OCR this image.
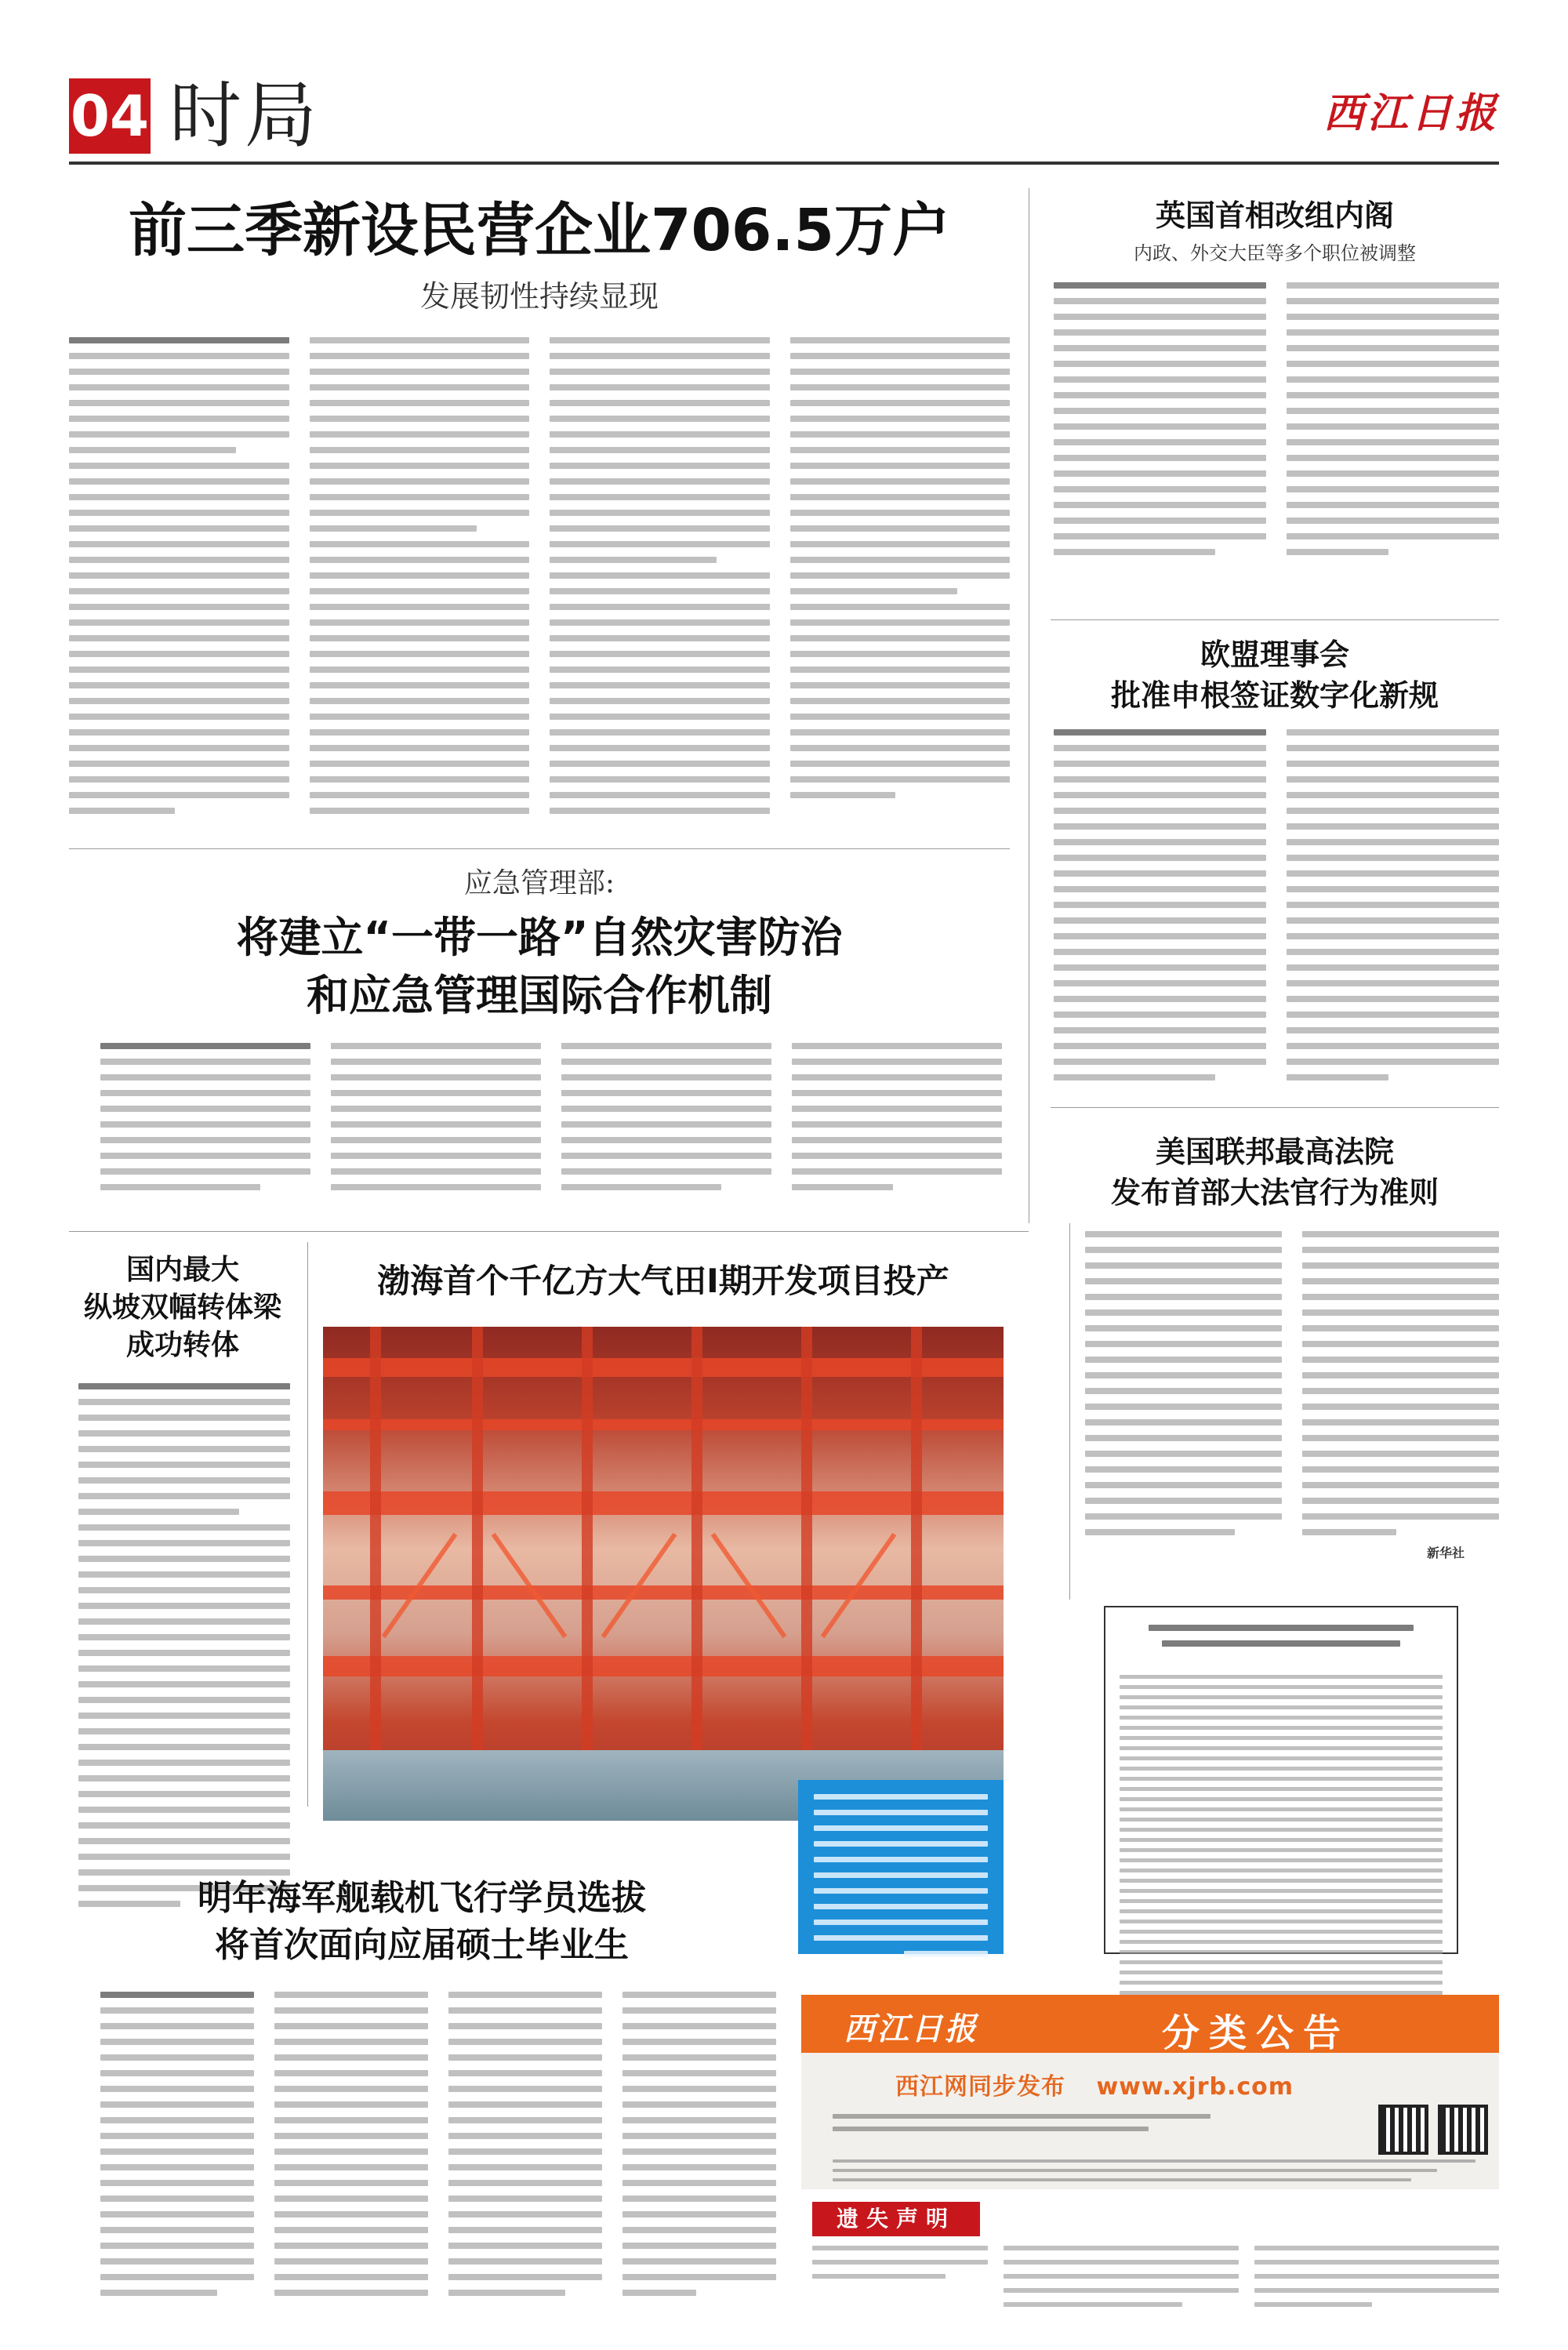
04 时局	西江日报
前三季新设民营企业706.5万户
发展韧性持续显现
应急管理部:
将建立“一带一路”自然灾害防治
和应急管理国际合作机制
英国首相改组内阁
内政、外交大臣等多个职位被调整
欧盟理事会
批准申根签证数字化新规
美国联邦最高法院
发布首部大法官行为准则
新华社
国内最大
纵坡双幅转体梁
成功转体
渤海首个千亿方大气田Ⅰ期开发项目投产
明年海军舰载机飞行学员选拔
将首次面向应届硕士毕业生
西江日报	分类公告
西江网同步发布 www.xjrb.com
遗失声明
